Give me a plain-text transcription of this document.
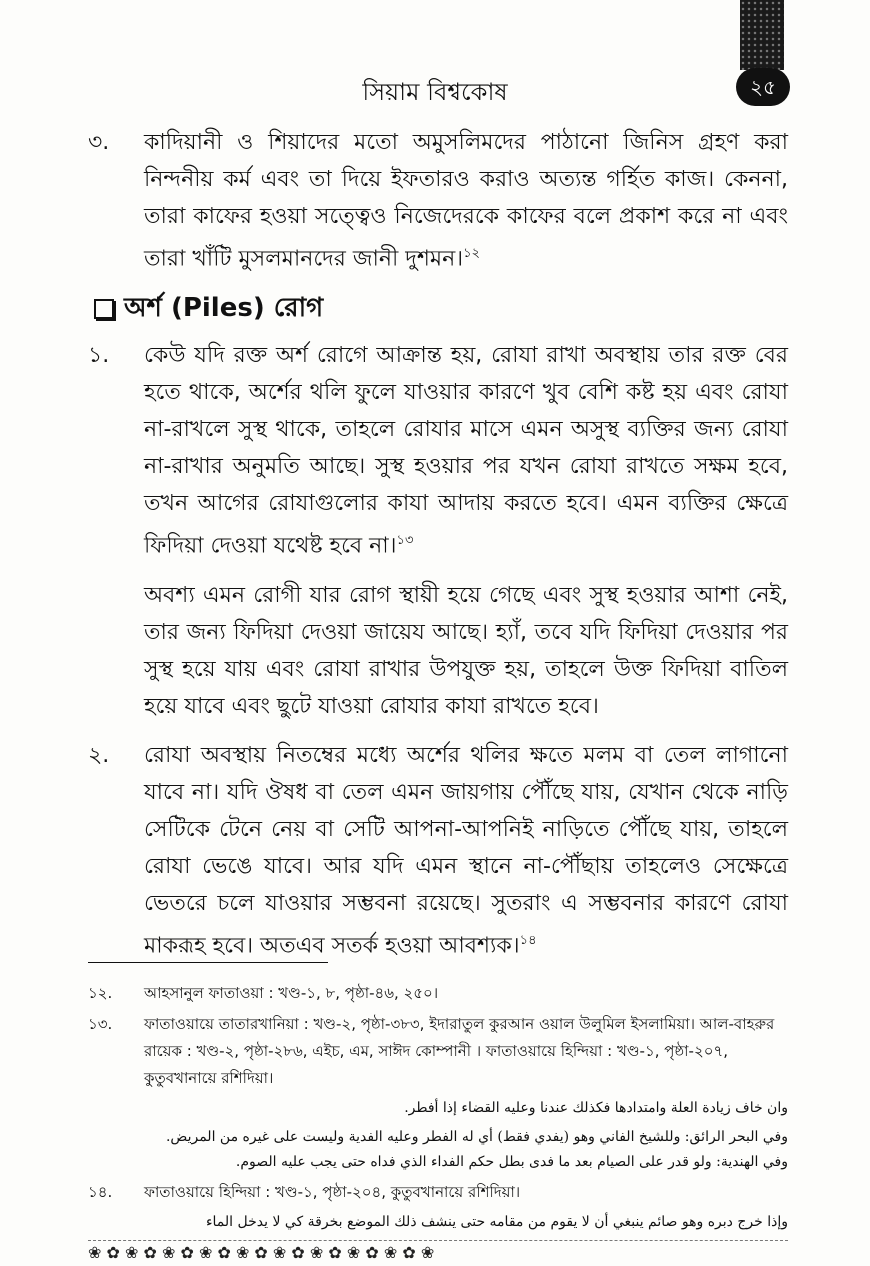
সিয়াম বিশ্বকোষ	২৫
৩.	কাদিয়ানী ও শিয়াদের মতো অমুসলিমদের পাঠানো জিনিস গ্রহণ করা নিন্দনীয় কর্ম এবং তা দিয়ে ইফতারও করাও অত্যন্ত গর্হিত কাজ। কেননা, তারা কাফের হওয়া সত্ত্বেও নিজেদেরকে কাফের বলে প্রকাশ করে না এবং তারা খাঁটি মুসলমানদের জানী দুশমন।$^{১২}$
অর্শ (Piles) রোগ
১.	কেউ যদি রক্ত অর্শ রোগে আক্রান্ত হয়, রোযা রাখা অবস্থায় তার রক্ত বের হতে থাকে, অর্শের থলি ফুলে যাওয়ার কারণে খুব বেশি কষ্ট হয় এবং রোযা না-রাখলে সুস্থ থাকে, তাহলে রোযার মাসে এমন অসুস্থ ব্যক্তির জন্য রোযা না-রাখার অনুমতি আছে। সুস্থ হওয়ার পর যখন রোযা রাখতে সক্ষম হবে, তখন আগের রোযাগুলোর কাযা আদায় করতে হবে। এমন ব্যক্তির ক্ষেত্রে ফিদিয়া দেওয়া যথেষ্ট হবে না।$^{১৩}$
অবশ্য এমন রোগী যার রোগ স্থায়ী হয়ে গেছে এবং সুস্থ হওয়ার আশা নেই, তার জন্য ফিদিয়া দেওয়া জায়েয আছে। হ্যাঁ, তবে যদি ফিদিয়া দেওয়ার পর সুস্থ হয়ে যায় এবং রোযা রাখার উপযুক্ত হয়, তাহলে উক্ত ফিদিয়া বাতিল হয়ে যাবে এবং ছুটে যাওয়া রোযার কাযা রাখতে হবে।
২.	রোযা অবস্থায় নিতম্বের মধ্যে অর্শের থলির ক্ষতে মলম বা তেল লাগানো যাবে না। যদি ঔষধ বা তেল এমন জায়গায় পৌঁছে যায়, যেখান থেকে নাড়ি সেটিকে টেনে নেয় বা সেটি আপনা-আপনিই নাড়িতে পৌঁছে যায়, তাহলে রোযা ভেঙে যাবে। আর যদি এমন স্থানে না-পৌঁছায় তাহলেও সেক্ষেত্রে ভেতরে চলে যাওয়ার সম্ভবনা রয়েছে। সুতরাং এ সম্ভবনার কারণে রোযা মাকরূহ হবে। অতএব সতর্ক হওয়া আবশ্যক।$^{১৪}$
১২.	আহসানুল ফাতাওয়া : খণ্ড-১, ৮, পৃষ্ঠা-৪৬, ২৫০।
১৩.	ফাতাওয়ায়ে তাতারখানিয়া : খণ্ড-২, পৃষ্ঠা-৩৮৩, ইদারাতুল কুরআন ওয়াল উলুমিল ইসলামিয়া। আল-বাহরুর রায়েক : খণ্ড-২, পৃষ্ঠা-২৮৬, এইচ, এম, সাঈদ কোম্পানী । ফাতাওয়ায়ে হিন্দিয়া : খণ্ড-১, পৃষ্ঠা-২০৭, কুতুবখানায়ে রশিদিয়া।
وان خاف زيادة العلة وامتدادها فكذلك عندنا وعليه القضاء إذا أفطر.
وفي البحر الرائق: وللشيخ الفاني وهو (يفدي فقط) أي له الفطر وعليه الفدية وليست على غيره من المريض. وفي الهندية: ولو قدر على الصيام بعد ما فدى بطل حكم الفداء الذي فداه حتى يجب عليه الصوم.
১৪.	ফাতাওয়ায়ে হিন্দিয়া : খণ্ড-১, পৃষ্ঠা-২০৪, কুতুবখানায়ে রশিদিয়া।
وإذا خرج دبره وهو صائم ينبغي أن لا يقوم من مقامه حتى ينشف ذلك الموضع بخرقة كي لا يدخل الماء
❀ ✿ ❀ ✿ ❀ ✿ ❀ ✿ ❀ ✿ ❀ ✿ ❀ ✿ ❀ ✿ ❀ ✿ ❀
